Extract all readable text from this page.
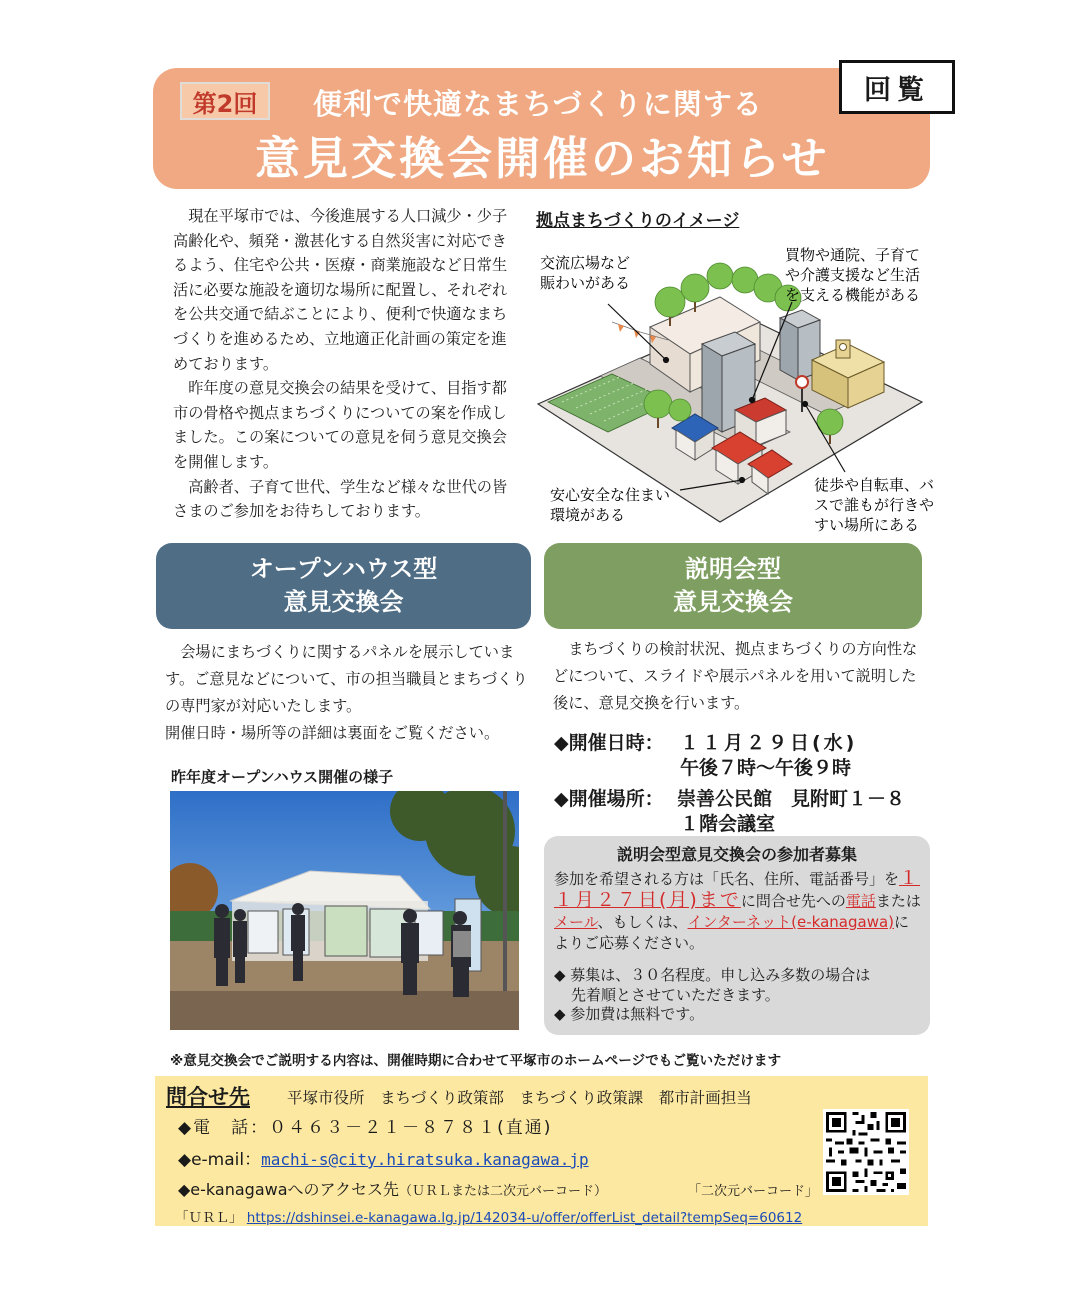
第2回	便利で快適なまちづくりに関する
意見交換会開催のお知らせ
回覧

現在平塚市では、今後進展する人口減少・少子高齢化や、頻発・激甚化する自然災害に対応できるよう、住宅や公共・医療・商業施設など日常生活に必要な施設を適切な場所に配置し、それぞれを公共交通で結ぶことにより、便利で快適なまちづくりを進めるため、立地適正化計画の策定を進めております。

昨年度の意見交換会の結果を受けて、目指す都市の骨格や拠点まちづくりについての案を作成しました。この案についての意見を伺う意見交換会を開催します。

高齢者、子育て世代、学生など様々な世代の皆さまのご参加をお待ちしております。

拠点まちづくりのイメージ
交流広場など
賑わいがある
買物や通院、子育て
や介護支援など生活
を支える機能がある
安心安全な住まい
環境がある
徒歩や自転車、バ
スで誰もが行きや
すい場所にある
オープンハウス型
意見交換会
説明会型
意見交換会

会場にまちづくりに関するパネルを展示しています。ご意見などについて、市の担当職員とまちづくりの専門家が対応いたします。

開催日時・場所等の詳細は裏面をご覧ください。

昨年度オープンハウス開催の様子

まちづくりの検討状況、拠点まちづくりの方向性などについて、スライドや展示パネルを用いて説明した後に、意見交換を行います。

◆開催日時： １１月２９日(水)
午後７時～午後９時
◆開催場所： 崇善公民館　見附町１－８
１階会議室
説明会型意見交換会の参加者募集
参加を希望される方は「氏名、住所、電話番号」を１１月２７日(月)までに問合せ先への電話またはメール、もしくは、インターネット(e-kanagawa)によりご応募ください。

◆ 募集は、３０名程度。申し込み多数の場合は

先着順とさせていただきます。

◆ 参加費は無料です。

※意見交換会でご説明する内容は、開催時期に合わせて平塚市のホームページでもご覧いただけます
問合せ先 平塚市役所　まちづくり政策部　まちづくり政策課　都市計画担当
◆電　話：０４６３－２１－８７８１(直通)
◆e-mail：machi-s@city.hiratsuka.kanagawa.jp
◆e-kanagawaへのアクセス先（ＵＲＬまたは二次元バーコード）	「二次元バーコード」
「ＵＲＬ」 https://dshinsei.e-kanagawa.lg.jp/142034-u/offer/offerList_detail?tempSeq=60612
